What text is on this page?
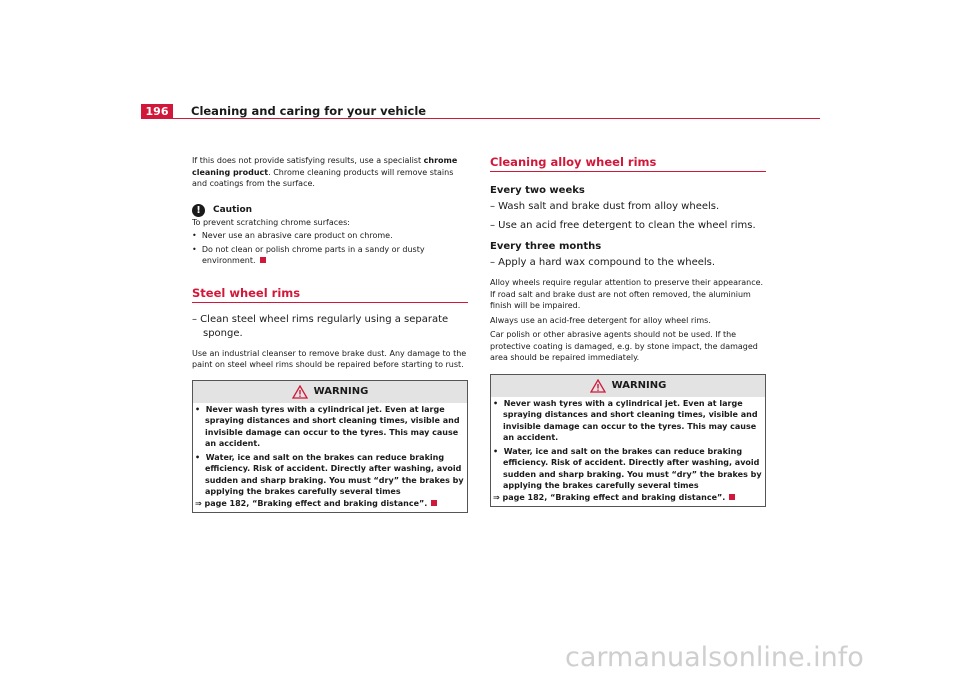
196	Cleaning and caring for your vehicle
If this does not provide satisfying results, use a specialist chrome cleaning product. Chrome cleaning products will remove stains and coatings from the surface.
!	Caution
To prevent scratching chrome surfaces:
•  Never use an abrasive care product on chrome.
•  Do not clean or polish chrome parts in a sandy or dusty environment.
Steel wheel rims
– Clean steel wheel rims regularly using a separate sponge.
Use an industrial cleanser to remove brake dust. Any damage to the paint on steel wheel rims should be repaired before starting to rust.
WARNING
•  Never wash tyres with a cylindrical jet. Even at large spraying distances and short cleaning times, visible and invisible damage can occur to the tyres. This may cause an accident.
•  Water, ice and salt on the brakes can reduce braking efficiency. Risk of accident. Directly after washing, avoid sudden and sharp braking. You must “dry” the brakes by applying the brakes carefully several times
⇒ page 182, “Braking effect and braking distance”.
Cleaning alloy wheel rims
Every two weeks
– Wash salt and brake dust from alloy wheels.
– Use an acid free detergent to clean the wheel rims.
Every three months
– Apply a hard wax compound to the wheels.
Alloy wheels require regular attention to preserve their appearance. If road salt and brake dust are not often removed, the aluminium finish will be impaired.
Always use an acid-free detergent for alloy wheel rims.
Car polish or other abrasive agents should not be used. If the protective coating is damaged, e.g. by stone impact, the damaged area should be repaired immediately.
WARNING
•  Never wash tyres with a cylindrical jet. Even at large spraying distances and short cleaning times, visible and invisible damage can occur to the tyres. This may cause an accident.
•  Water, ice and salt on the brakes can reduce braking efficiency. Risk of accident. Directly after washing, avoid sudden and sharp braking. You must “dry” the brakes by applying the brakes carefully several times
⇒ page 182, “Braking effect and braking distance”.
carmanualsonline.info
